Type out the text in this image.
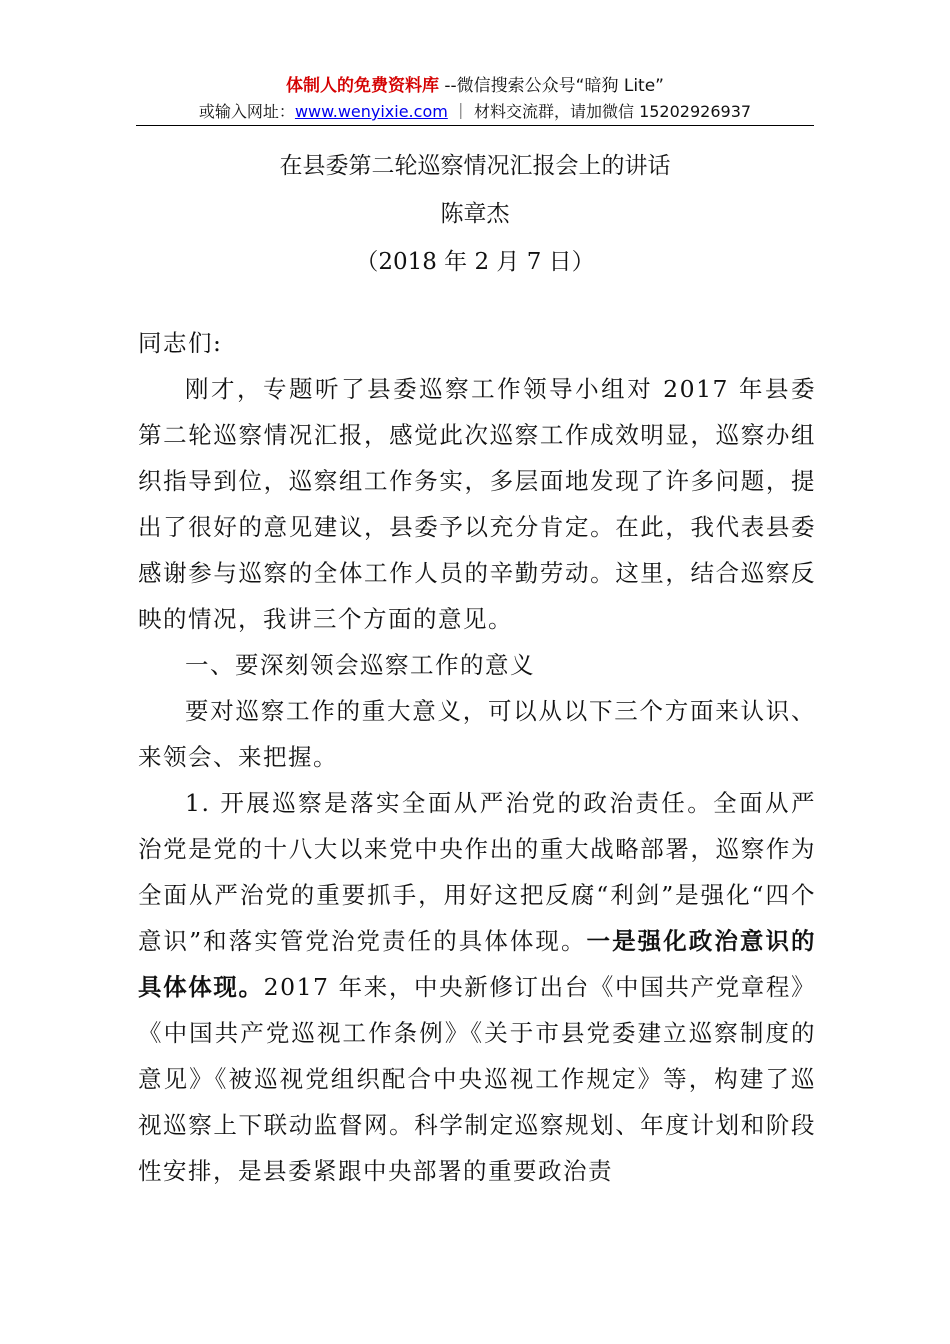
体制人的免费资料库 --微信搜索公众号“暗狗 Lite”
或输入网址：www.wenyixie.com ｜ 材料交流群，请加微信 15202926937
在县委第二轮巡察情况汇报会上的讲话
陈章杰
（2018 年 2 月 7 日）

同志们:

刚才，专题听了县委巡察工作领导小组对 2017 年县委第二轮巡察情况汇报，感觉此次巡察工作成效明显，巡察办组织指导到位，巡察组工作务实，多层面地发现了许多问题，提出了很好的意见建议，县委予以充分肯定。在此，我代表县委感谢参与巡察的全体工作人员的辛勤劳动。这里，结合巡察反映的情况，我讲三个方面的意见。

一、要深刻领会巡察工作的意义

要对巡察工作的重大意义，可以从以下三个方面来认识、来领会、来把握。

1. 开展巡察是落实全面从严治党的政治责任。全面从严治党是党的十八大以来党中央作出的重大战略部署，巡察作为全面从严治党的重要抓手，用好这把反腐“利剑”是强化“四个意识”和落实管党治党责任的具体体现。一是强化政治意识的具体体现。2017 年来，中央新修订出台《中国共产党章程》《中国共产党巡视工作条例》《关于市县党委建立巡察制度的意见》《被巡视党组织配合中央巡视工作规定》等，构建了巡视巡察上下联动监督网。科学制定巡察规划、年度计划和阶段性安排，是县委紧跟中央部署的重要政治责
